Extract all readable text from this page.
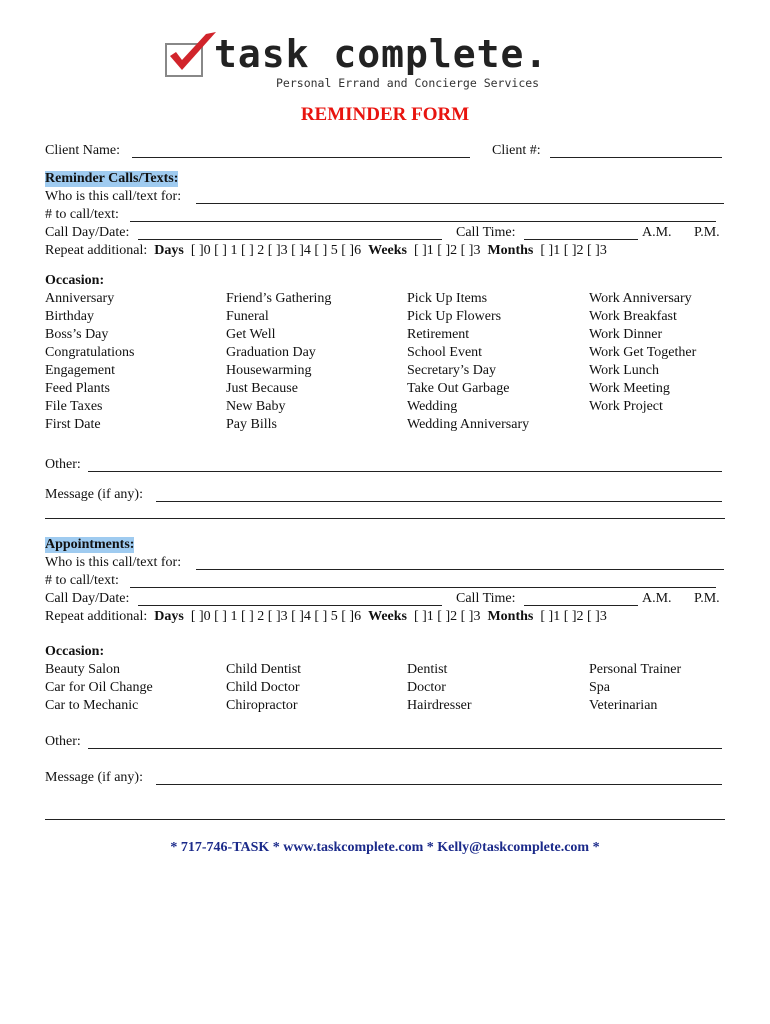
task complete.
Personal Errand and Concierge Services
REMINDER FORM
Client Name:	Client #:
Reminder Calls/Texts:
Who is this call/text for:
# to call/text:
Call Day/Date:	Call Time:	A.M. P.M.
Repeat additional: Days [ ]0 [ ] 1 [ ] 2 [ ]3 [ ]4 [ ] 5 [ ]6 Weeks [ ]1 [ ]2 [ ]3 Months [ ]1 [ ]2 [ ]3
Occasion:
Anniversary
Birthday
Boss’s Day
Congratulations
Engagement
Feed Plants
File Taxes
First Date
Friend’s Gathering
Funeral
Get Well
Graduation Day
Housewarming
Just Because
New Baby
Pay Bills
Pick Up Items
Pick Up Flowers
Retirement
School Event
Secretary’s Day
Take Out Garbage
Wedding
Wedding Anniversary
Work Anniversary
Work Breakfast
Work Dinner
Work Get Together
Work Lunch
Work Meeting
Work Project
Other:
Message (if any):
Appointments:
Who is this call/text for:
# to call/text:
Call Day/Date:	Call Time:	A.M. P.M.
Repeat additional: Days [ ]0 [ ] 1 [ ] 2 [ ]3 [ ]4 [ ] 5 [ ]6 Weeks [ ]1 [ ]2 [ ]3 Months [ ]1 [ ]2 [ ]3
Occasion:
Beauty Salon
Car for Oil Change
Car to Mechanic
Child Dentist
Child Doctor
Chiropractor
Dentist
Doctor
Hairdresser
Personal Trainer
Spa
Veterinarian
Other:
Message (if any):
* 717-746-TASK * www.taskcomplete.com * Kelly@taskcomplete.com *
